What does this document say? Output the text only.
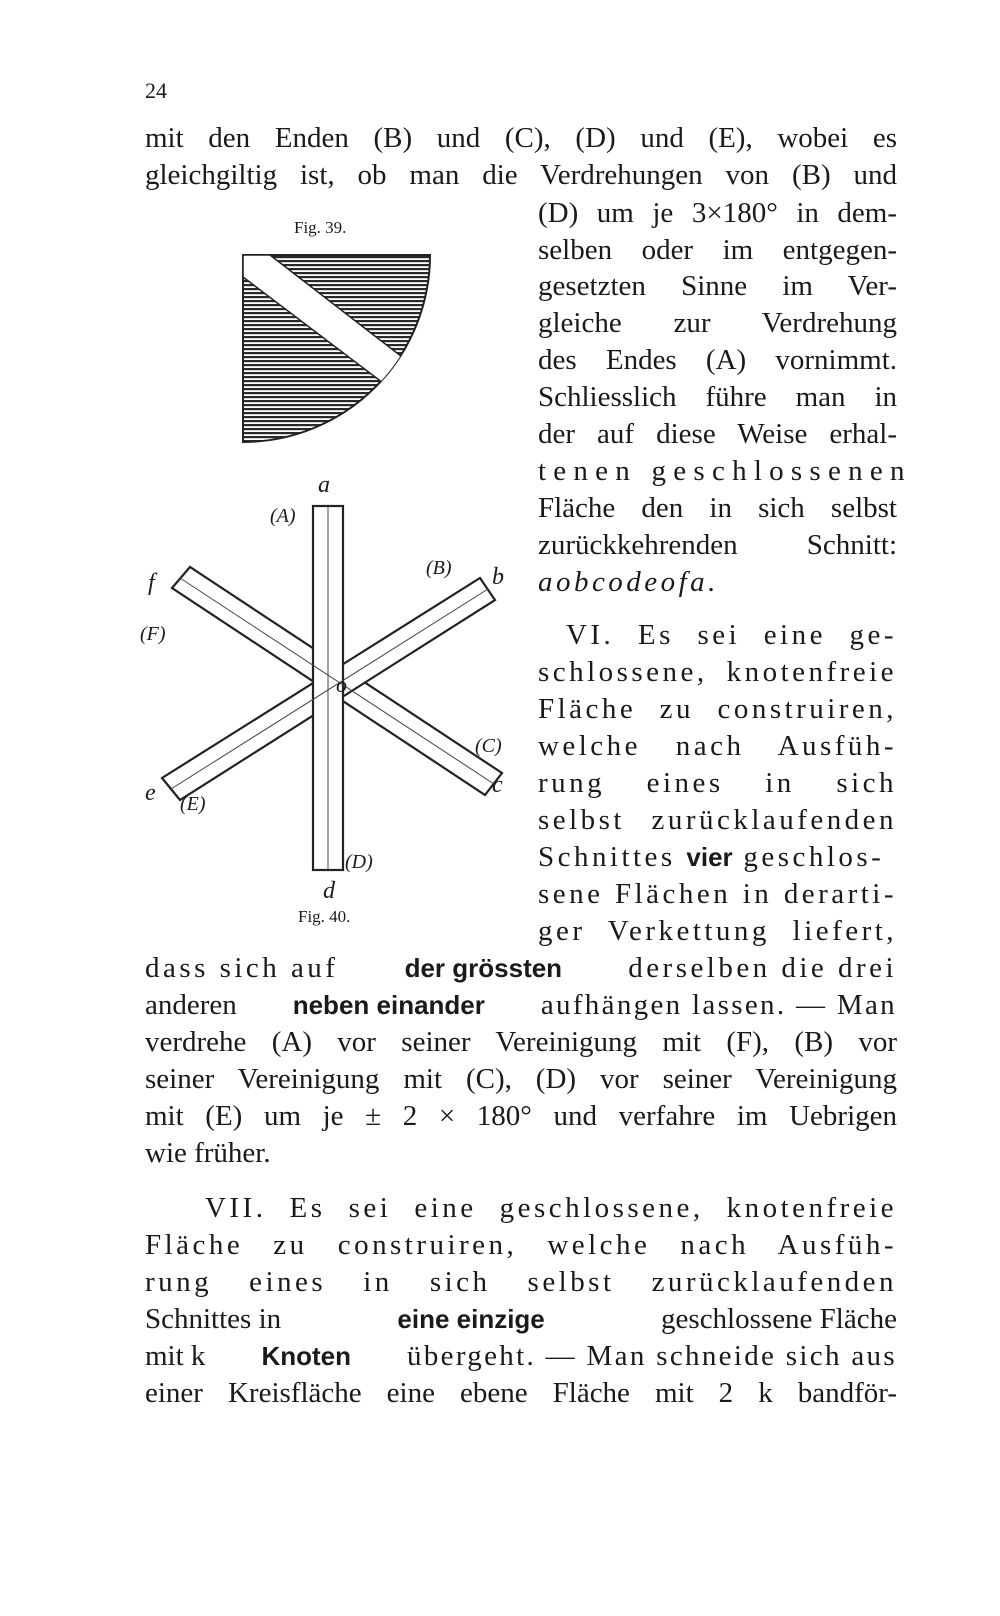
24
mit den Enden (B) und (C), (D) und (E), wobei es
gleichgiltig ist, ob man die Verdrehungen von (B) und
Fig. 39.	(D) um je 3×180° in dem-
selben oder im entgegen-
gesetzten Sinne im Ver-
gleiche zur Verdrehung
des Endes (A) vornimmt.
Schliesslich führe man in
der auf diese Weise erhal-
tenen geschlossenen
Fläche den in sich selbst
zurückkehrenden Schnitt:
aobcodeofa.
VI. Es sei eine ge-
schlossene, knotenfreie
Fläche zu construiren,
welche nach Ausfüh-
rung eines in sich
selbst zurücklaufenden
Schnittes vier geschlos-
sene Flächen in derarti-
ger Verkettung liefert,
a
(A)
(B) b
f
(F)
o
(C)
c
e (E)
(D)
d
Fig. 40.
dass sich auf	der grössten derselben die drei
anderen neben einander aufhängen lassen. — Man
verdrehe (A) vor seiner Vereinigung mit (F), (B) vor
seiner Vereinigung mit (C), (D) vor seiner Vereinigung
mit (E) um je ± 2 × 180° und verfahre im Uebrigen
wie früher.
VII. Es sei eine geschlossene, knotenfreie
Fläche zu construiren, welche nach Ausfüh-
rung eines in sich selbst zurücklaufenden
Schnittes in	eine einzige	geschlossene Fläche
mit k Knoten übergeht. — Man schneide sich aus
einer Kreisfläche eine ebene Fläche mit 2 k bandför-
